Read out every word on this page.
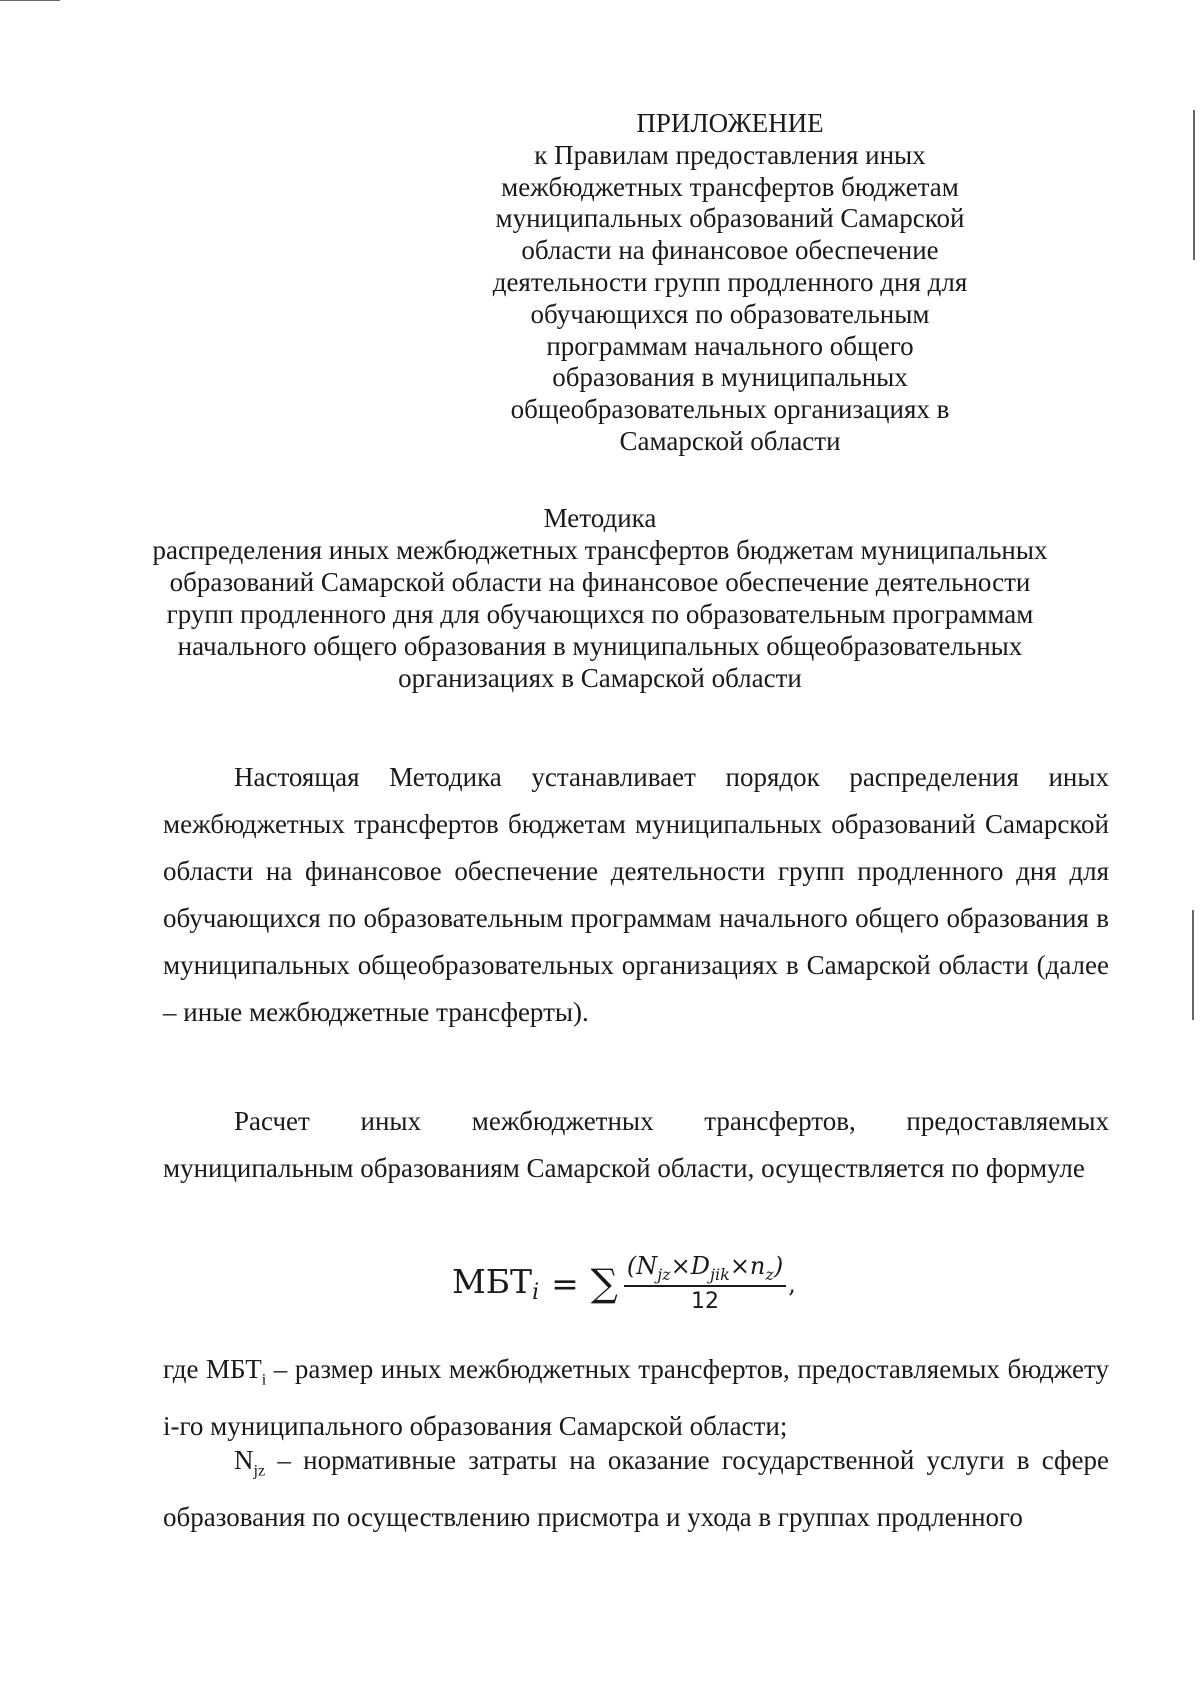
ПРИЛОЖЕНИЕ
к Правилам предоставления иных межбюджетных трансфертов бюджетам муниципальных образований Самарской области на финансовое обеспечение деятельности групп продленного дня для обучающихся по образовательным программам начального общего образования в муниципальных общеобразовательных организациях в Самарской области
Методика
распределения иных межбюджетных трансфертов бюджетам муниципальных образований Самарской области на финансовое обеспечение деятельности групп продленного дня для обучающихся по образовательным программам начального общего образования в муниципальных общеобразовательных организациях в Самарской области

Настоящая Методика устанавливает порядок распределения иных межбюджетных трансфертов бюджетам муниципальных образований Самарской области на финансовое обеспечение деятельности групп продленного дня для обучающихся по образовательным программам начального общего образования в муниципальных общеобразовательных организациях в Самарской области (далее – иные межбюджетные трансферты).

Расчет иных межбюджетных трансфертов, предоставляемых муниципальным образованиям Самарской области, осуществляется по формуле

МБТi = ∑ $\frac{(N_{jz}\times D_{jik}\times n_z)}{12}$ ,

где $МБТ_i$ – размер иных межбюджетных трансфертов, предоставляемых бюджету i-го муниципального образования Самарской области;

$N_{jz}$ – нормативные затраты на оказание государственной услуги в сфере образования по осуществлению присмотра и ухода в группах продленного
